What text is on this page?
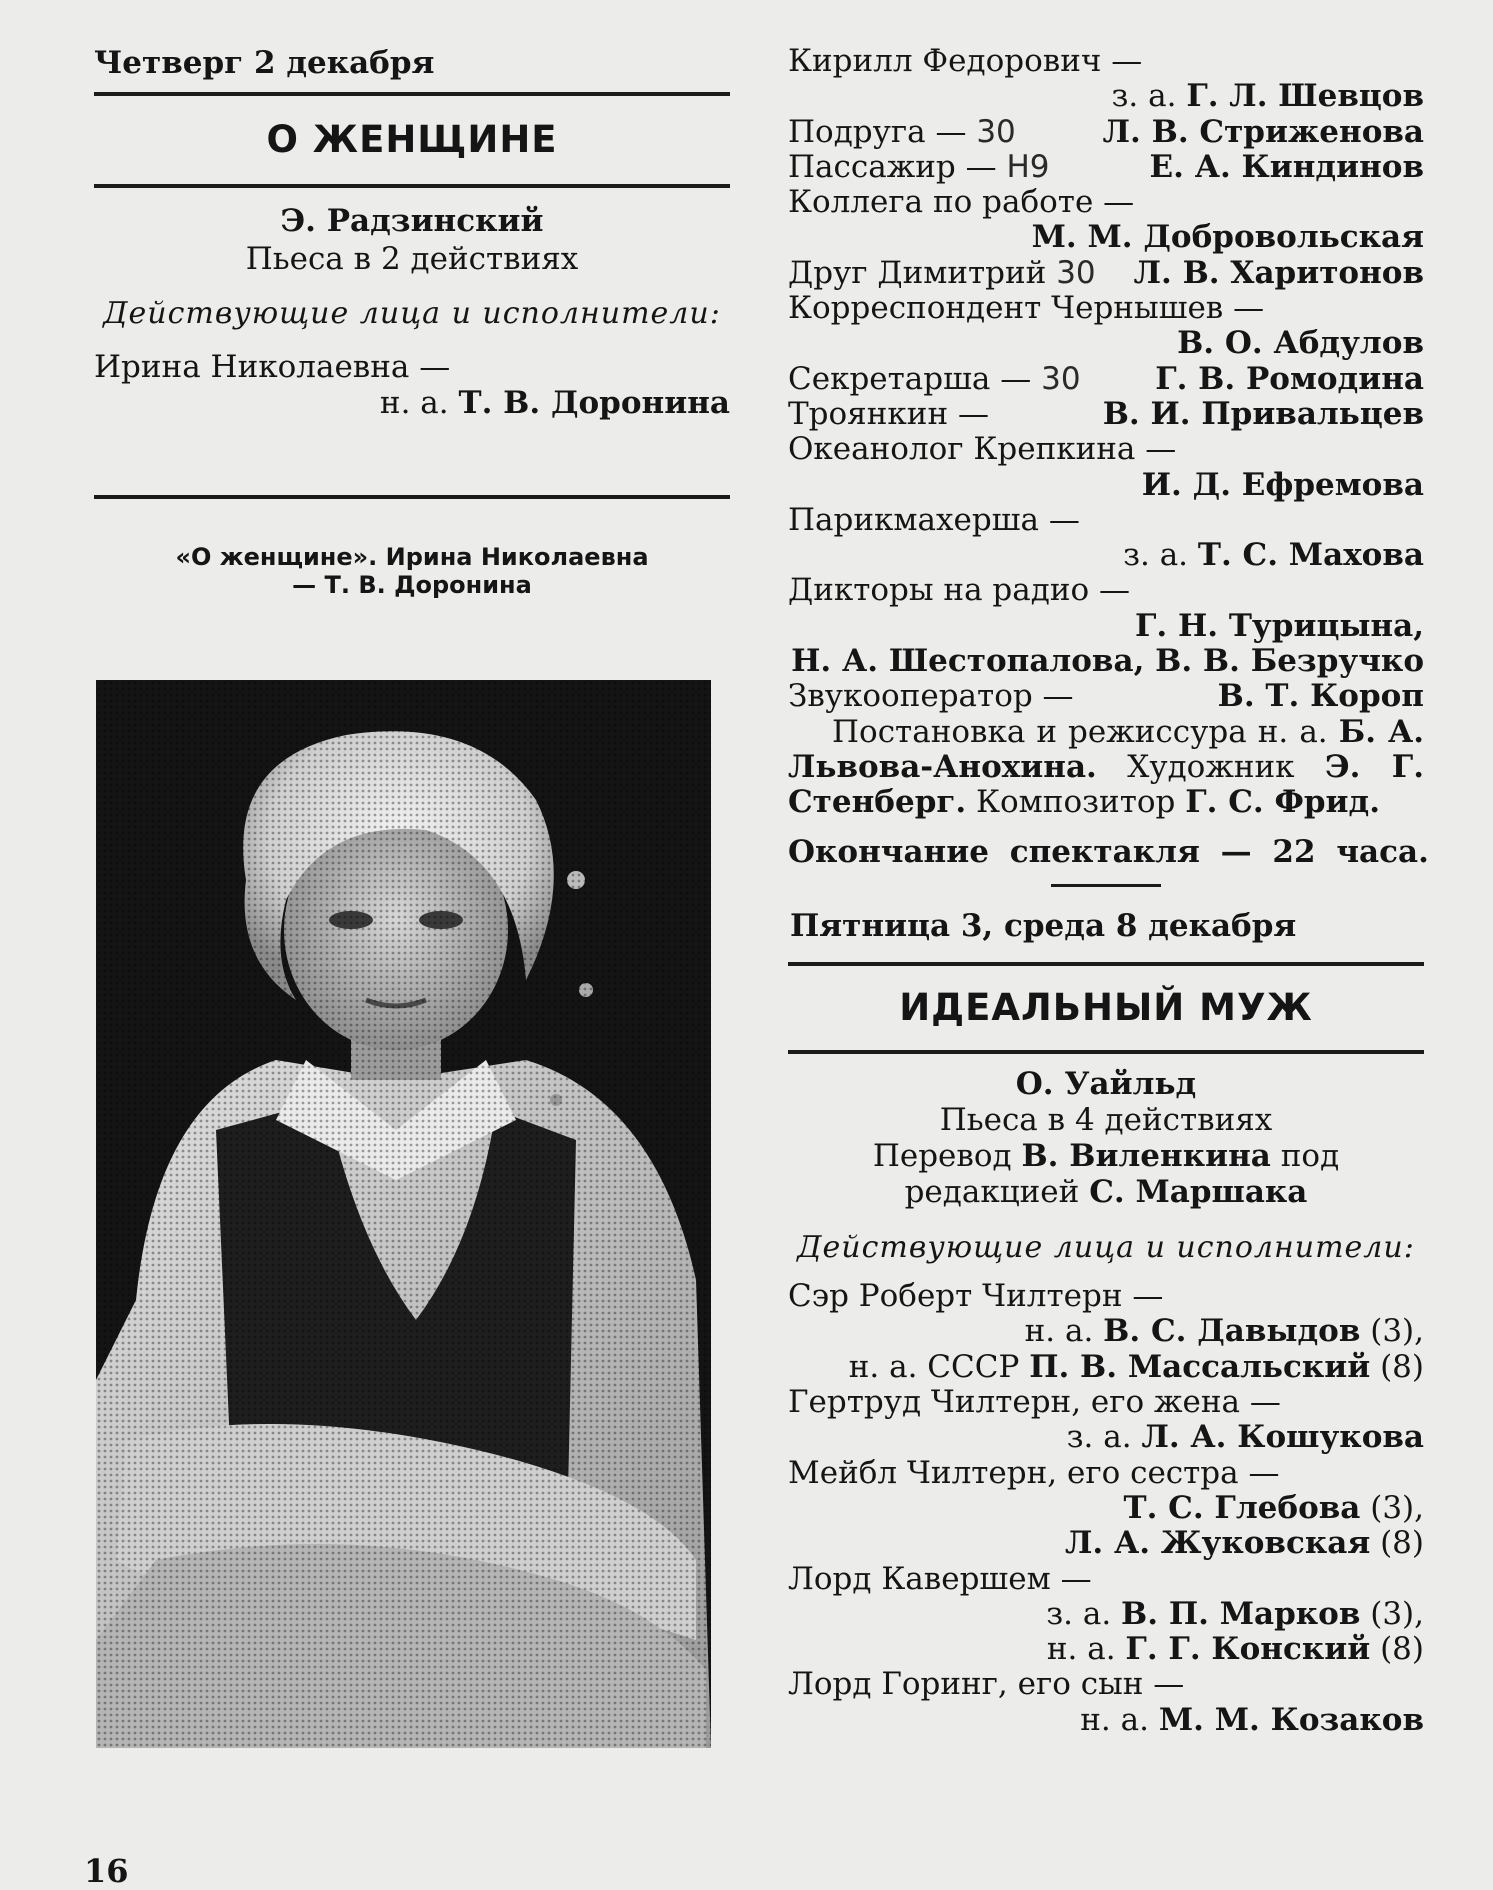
Четверг 2 декабря

О ЖЕНЩИНЕ

Э. Радзинский

Пьеса в 2 действиях

Действующие лица и исполнители:

Ирина Николаевна —

н. а. Т. В. Доронина

«О женщине». Ирина Николаевна

— Т. В. Доронина

16

Кирилл Федорович —

з. а. Г. Л. Шевцов

Подруга — 30	Л. В. Стриженова

Пассажир — Н9	Е. А. Киндинов

Коллега по работе —

М. М. Добровольская

Друг Димитрий 30 Л. В. Харитонов

Корреспондент Чернышев —

В. О. Абдулов

Секретарша — 30 Г. В. Ромодина

Троянкин —	В. И. Привальцев

Океанолог Крепкина —

И. Д. Ефремова

Парикмахерша —

з. а. Т. С. Махова

Дикторы на радио —

Г. Н. Турицына,

Н. А. Шестопалова, В. В. Безручко

Звукооператор —	В. Т. Короп

Постановка и режиссура н. а. Б. А. Львова-Анохина. Художник Э. Г. Стенберг. Композитор Г. С. Фрид.

Окончание спектакля — 22 часа.

Пятница 3, среда 8 декабря

ИДЕАЛЬНЫЙ МУЖ

О. Уайльд

Пьеса в 4 действиях

Перевод В. Виленкина под

редакцией С. Маршака

Действующие лица и исполнители:

Сэр Роберт Чилтерн —

н. а. В. С. Давыдов (3),

н. а. СССР П. В. Массальский (8)

Гертруд Чилтерн, его жена —

з. а. Л. А. Кошукова

Мейбл Чилтерн, его сестра —

Т. С. Глебова (3),

Л. А. Жуковская (8)

Лорд Кавершем —

з. а. В. П. Марков (3),

н. а. Г. Г. Конский (8)

Лорд Горинг, его сын —

н. а. М. М. Козаков
